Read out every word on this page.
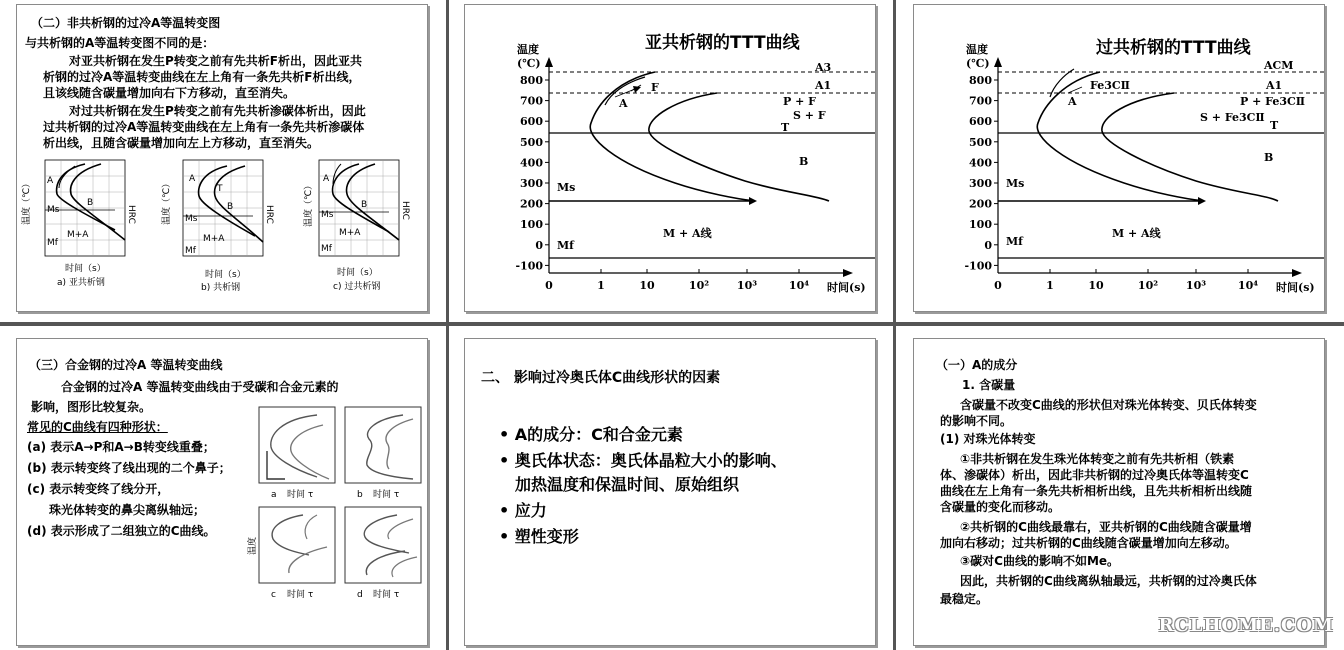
（二）非共析钢的过冷A等温转变图
与共析钢的A等温转变图不同的是：
对亚共析钢在发生P转变之前有先共析F析出，因此亚共
析钢的过冷A等温转变曲线在左上角有一条先共析F析出线，
且该线随含碳量增加向右下方移动，直至消失。
对过共析钢在发生P转变之前有先共析渗碳体析出，因此
过共析钢的过冷A等温转变曲线在左上角有一条先共析渗碳体
析出线，且随含碳量增加向左上方移动，直至消失。
A
B
Ms
M+A
Mf
温度（℃）	HRC
时间（s）
a) 亚共析钢
A
T
B
Ms
M+A
Mf
温度（℃）	HRC
时间（s）
b) 共析钢
A
B
Ms
M+A
Mf
温度（℃）	HRC
时间（s）
c) 过共析钢
亚共析钢的TTT曲线
温度
(℃)
800
700
600
500
400
300
200
100
0
-100
0	1	10	10²	10³	10⁴
A3
A1
F
A	P + F
S + F
T
B
Ms
Mf
M + A线
时间(s)
过共析钢的TTT曲线
温度
(℃)
800
700
600
500
400
300
200
100
0
-100
0	1	10	10²	10³	10⁴
ACM
A1
Fe3CⅡ
A	P + Fe3CⅡ
S + Fe3CⅡ
T
B
Ms
Mf
M + A线
时间(s)
（三）合金钢的过冷A 等温转变曲线
合金钢的过冷A 等温转变曲线由于受碳和合金元素的
影响，图形比较复杂。
常见的C曲线有四种形状：
(a) 表示A→P和A→B转变线重叠；
(b) 表示转变终了线出现的二个鼻子；
(c) 表示转变终了线分开，
珠光体转变的鼻尖离纵轴远；
(d) 表示形成了二组独立的C曲线。
a 时间 τ	b 时间 τ
c 时间 τ	d 时间 τ
温度
二、 影响过冷奥氏体C曲线形状的因素
• A的成分：C和合金元素
• 奥氏体状态：奥氏体晶粒大小的影响、
加热温度和保温时间、原始组织
• 应力
• 塑性变形
（一）A的成分
1. 含碳量
含碳量不改变C曲线的形状但对珠光体转变、贝氏体转变
的影响不同。
(1) 对珠光体转变
①非共析钢在发生珠光体转变之前有先共析相（铁素
体、渗碳体）析出，因此非共析钢的过冷奥氏体等温转变C
曲线在左上角有一条先共析相析出线，且先共析相析出线随
含碳量的变化而移动。
②共析钢的C曲线最靠右，亚共析钢的C曲线随含碳量增
加向右移动；过共析钢的C曲线随含碳量增加向左移动。
③碳对C曲线的影响不如Me。
因此，共析钢的C曲线离纵轴最远，共析钢的过冷奥氏体
最稳定。
RCLHOME.COM
